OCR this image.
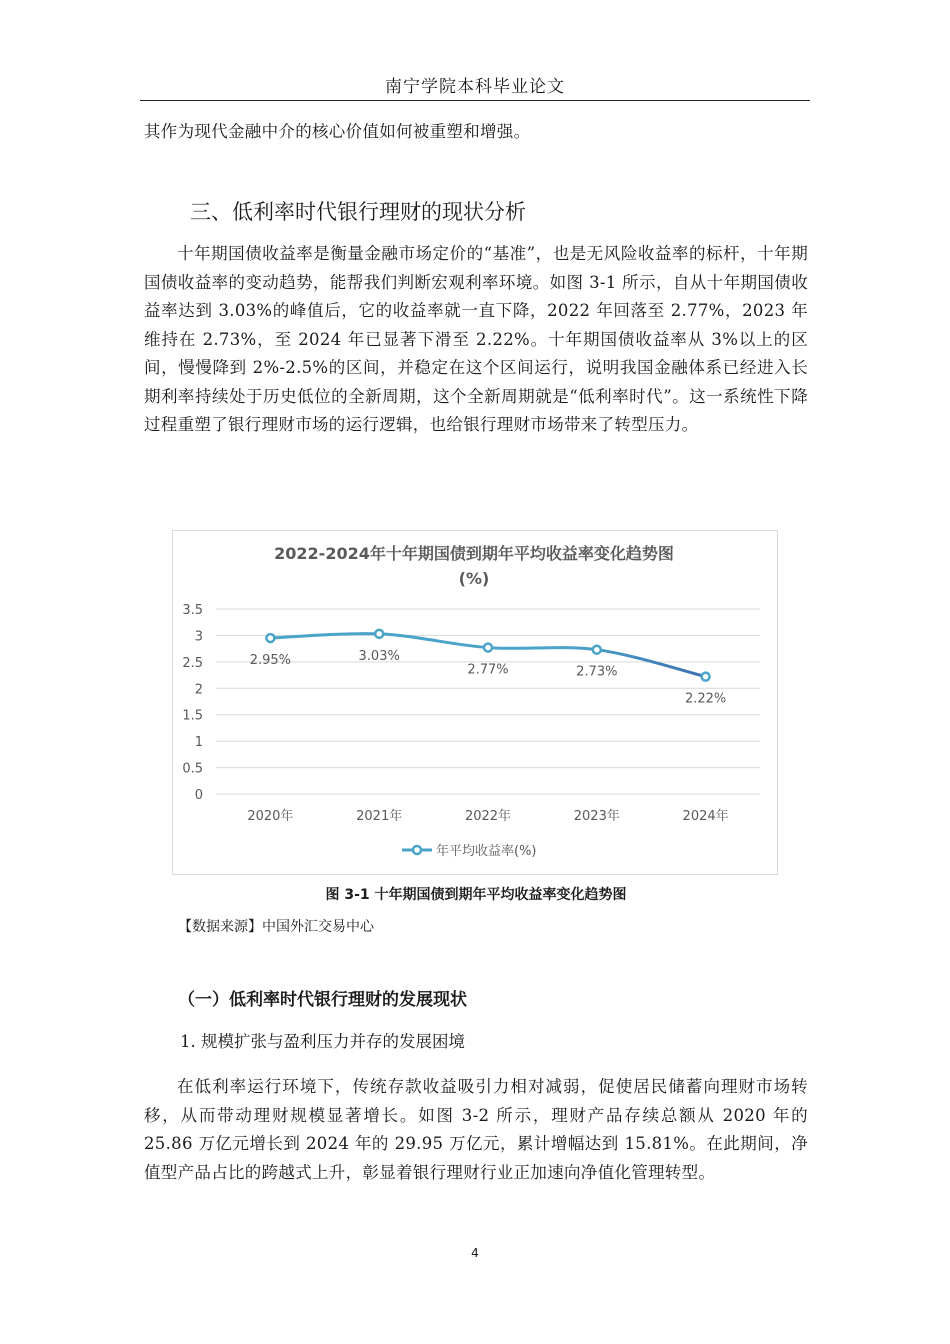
南宁学院本科毕业论文
其作为现代金融中介的核心价值如何被重塑和增强。
三、低利率时代银行理财的现状分析
十年期国债收益率是衡量金融市场定价的“基准”，也是无风险收益率的标杆，十年期国债收益率的变动趋势，能帮我们判断宏观利率环境。如图 3-1 所示，自从十年期国债收益率达到 3.03%的峰值后，它的收益率就一直下降，2022 年回落至 2.77%，2023 年维持在 2.73%，至 2024 年已显著下滑至 2.22%。十年期国债收益率从 3%以上的区间，慢慢降到 2%-2.5%的区间，并稳定在这个区间运行，说明我国金融体系已经进入长期利率持续处于历史低位的全新周期，这个全新周期就是“低利率时代”。这一系统性下降过程重塑了银行理财市场的运行逻辑，也给银行理财市场带来了转型压力。
2022-2024年十年期国债到期年平均收益率变化趋势图
(%)
0
0.5
1
1.5
2
2.5
3
3.5
2020年	2021年	2022年	2023年	2024年
2.95%	3.03%
2.77%	2.73%
2.22%
年平均收益率(%)
图 3-1 十年期国债到期年平均收益率变化趋势图
【数据来源】中国外汇交易中心
（一）低利率时代银行理财的发展现状
1. 规模扩张与盈利压力并存的发展困境
在低利率运行环境下，传统存款收益吸引力相对减弱，促使居民储蓄向理财市场转移，从而带动理财规模显著增长。如图 3-2 所示，理财产品存续总额从 2020 年的 25.86 万亿元增长到 2024 年的 29.95 万亿元，累计增幅达到 15.81%。在此期间，净值型产品占比的跨越式上升，彰显着银行理财行业正加速向净值化管理转型。
4
